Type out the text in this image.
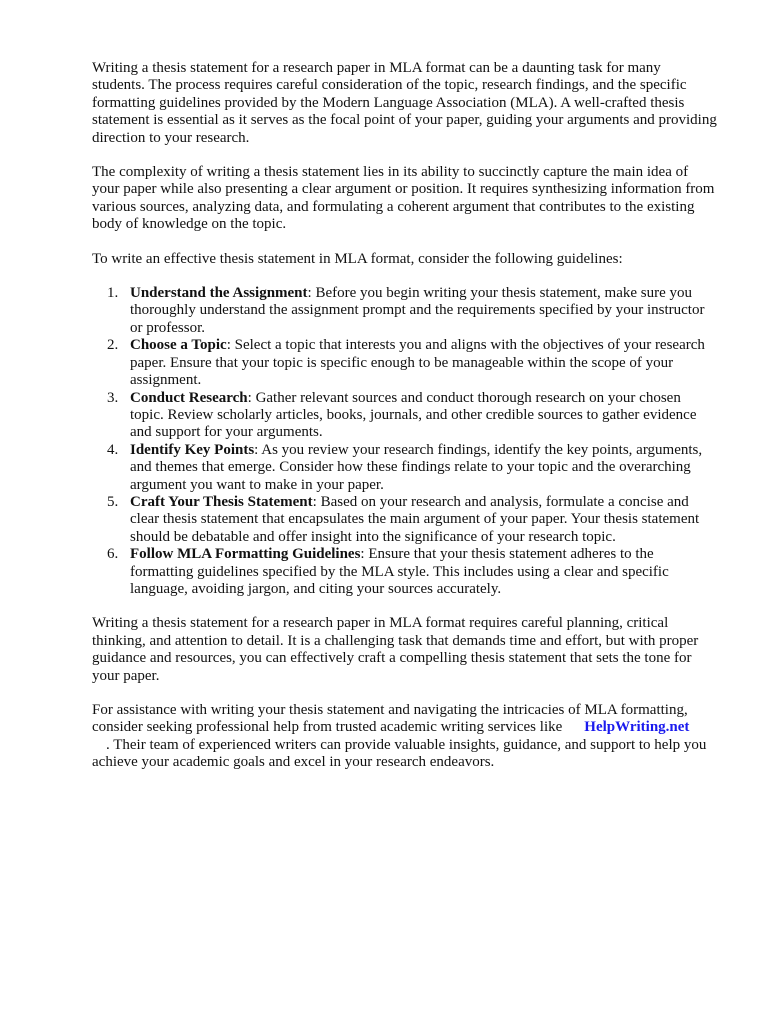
Writing a thesis statement for a research paper in MLA format can be a daunting task for many students. The process requires careful consideration of the topic, research findings, and the specific formatting guidelines provided by the Modern Language Association (MLA). A well-crafted thesis statement is essential as it serves as the focal point of your paper, guiding your arguments and providing direction to your research.

The complexity of writing a thesis statement lies in its ability to succinctly capture the main idea of your paper while also presenting a clear argument or position. It requires synthesizing information from various sources, analyzing data, and formulating a coherent argument that contributes to the existing body of knowledge on the topic.

To write an effective thesis statement in MLA format, consider the following guidelines:

1. Understand the Assignment: Before you begin writing your thesis statement, make sure you thoroughly understand the assignment prompt and the requirements specified by your instructor or professor.
2. Choose a Topic: Select a topic that interests you and aligns with the objectives of your research paper. Ensure that your topic is specific enough to be manageable within the scope of your assignment.
3. Conduct Research: Gather relevant sources and conduct thorough research on your chosen topic. Review scholarly articles, books, journals, and other credible sources to gather evidence and support for your arguments.
4. Identify Key Points: As you review your research findings, identify the key points, arguments, and themes that emerge. Consider how these findings relate to your topic and the overarching argument you want to make in your paper.
5. Craft Your Thesis Statement: Based on your research and analysis, formulate a concise and clear thesis statement that encapsulates the main argument of your paper. Your thesis statement should be debatable and offer insight into the significance of your research topic.
6. Follow MLA Formatting Guidelines: Ensure that your thesis statement adheres to the formatting guidelines specified by the MLA style. This includes using a clear and specific language, avoiding jargon, and citing your sources accurately.

Writing a thesis statement for a research paper in MLA format requires careful planning, critical thinking, and attention to detail. It is a challenging task that demands time and effort, but with proper guidance and resources, you can effectively craft a compelling thesis statement that sets the tone for your paper.

For assistance with writing your thesis statement and navigating the intricacies of MLA formatting, consider seeking professional help from trusted academic writing services like HelpWriting.net
. Their team of experienced writers can provide valuable insights, guidance, and support to help you achieve your academic goals and excel in your research endeavors.
